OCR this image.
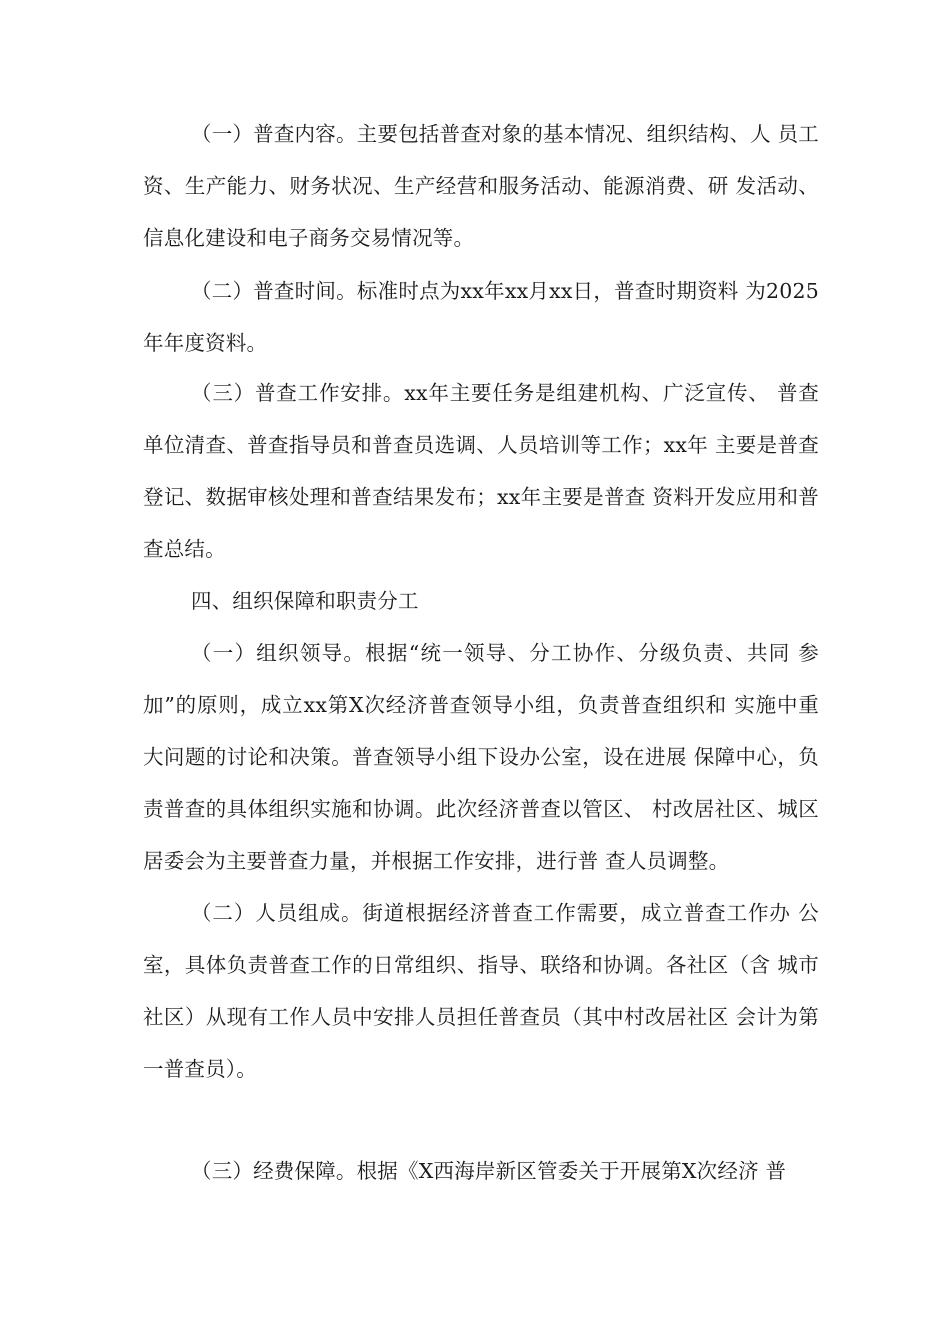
（一）普查内容。主要包括普查对象的基本情况、组织结构、人 员工资、生产能力、财务状况、生产经营和服务活动、能源消费、研 发活动、信息化建设和电子商务交易情况等。

（二）普查时间。标准时点为xx年xx月xx日，普查时期资料 为2025年年度资料。

（三）普查工作安排。xx年主要任务是组建机构、广泛宣传、 普查单位清查、普查指导员和普查员选调、人员培训等工作；xx年 主要是普查登记、数据审核处理和普查结果发布；xx年主要是普查 资料开发应用和普查总结。

四、组织保障和职责分工

（一）组织领导。根据“统一领导、分工协作、分级负责、共同 参加”的原则，成立xx第X次经济普查领导小组，负责普查组织和 实施中重大问题的讨论和决策。普查领导小组下设办公室，设在进展 保障中心，负责普查的具体组织实施和协调。此次经济普查以管区、 村改居社区、城区居委会为主要普查力量，并根据工作安排，进行普 查人员调整。

（二）人员组成。街道根据经济普查工作需要，成立普查工作办 公室，具体负责普查工作的日常组织、指导、联络和协调。各社区（含 城市社区）从现有工作人员中安排人员担任普查员（其中村改居社区 会计为第一普查员）。

（三）经费保障。根据《X西海岸新区管委关于开展第X次经济 普
